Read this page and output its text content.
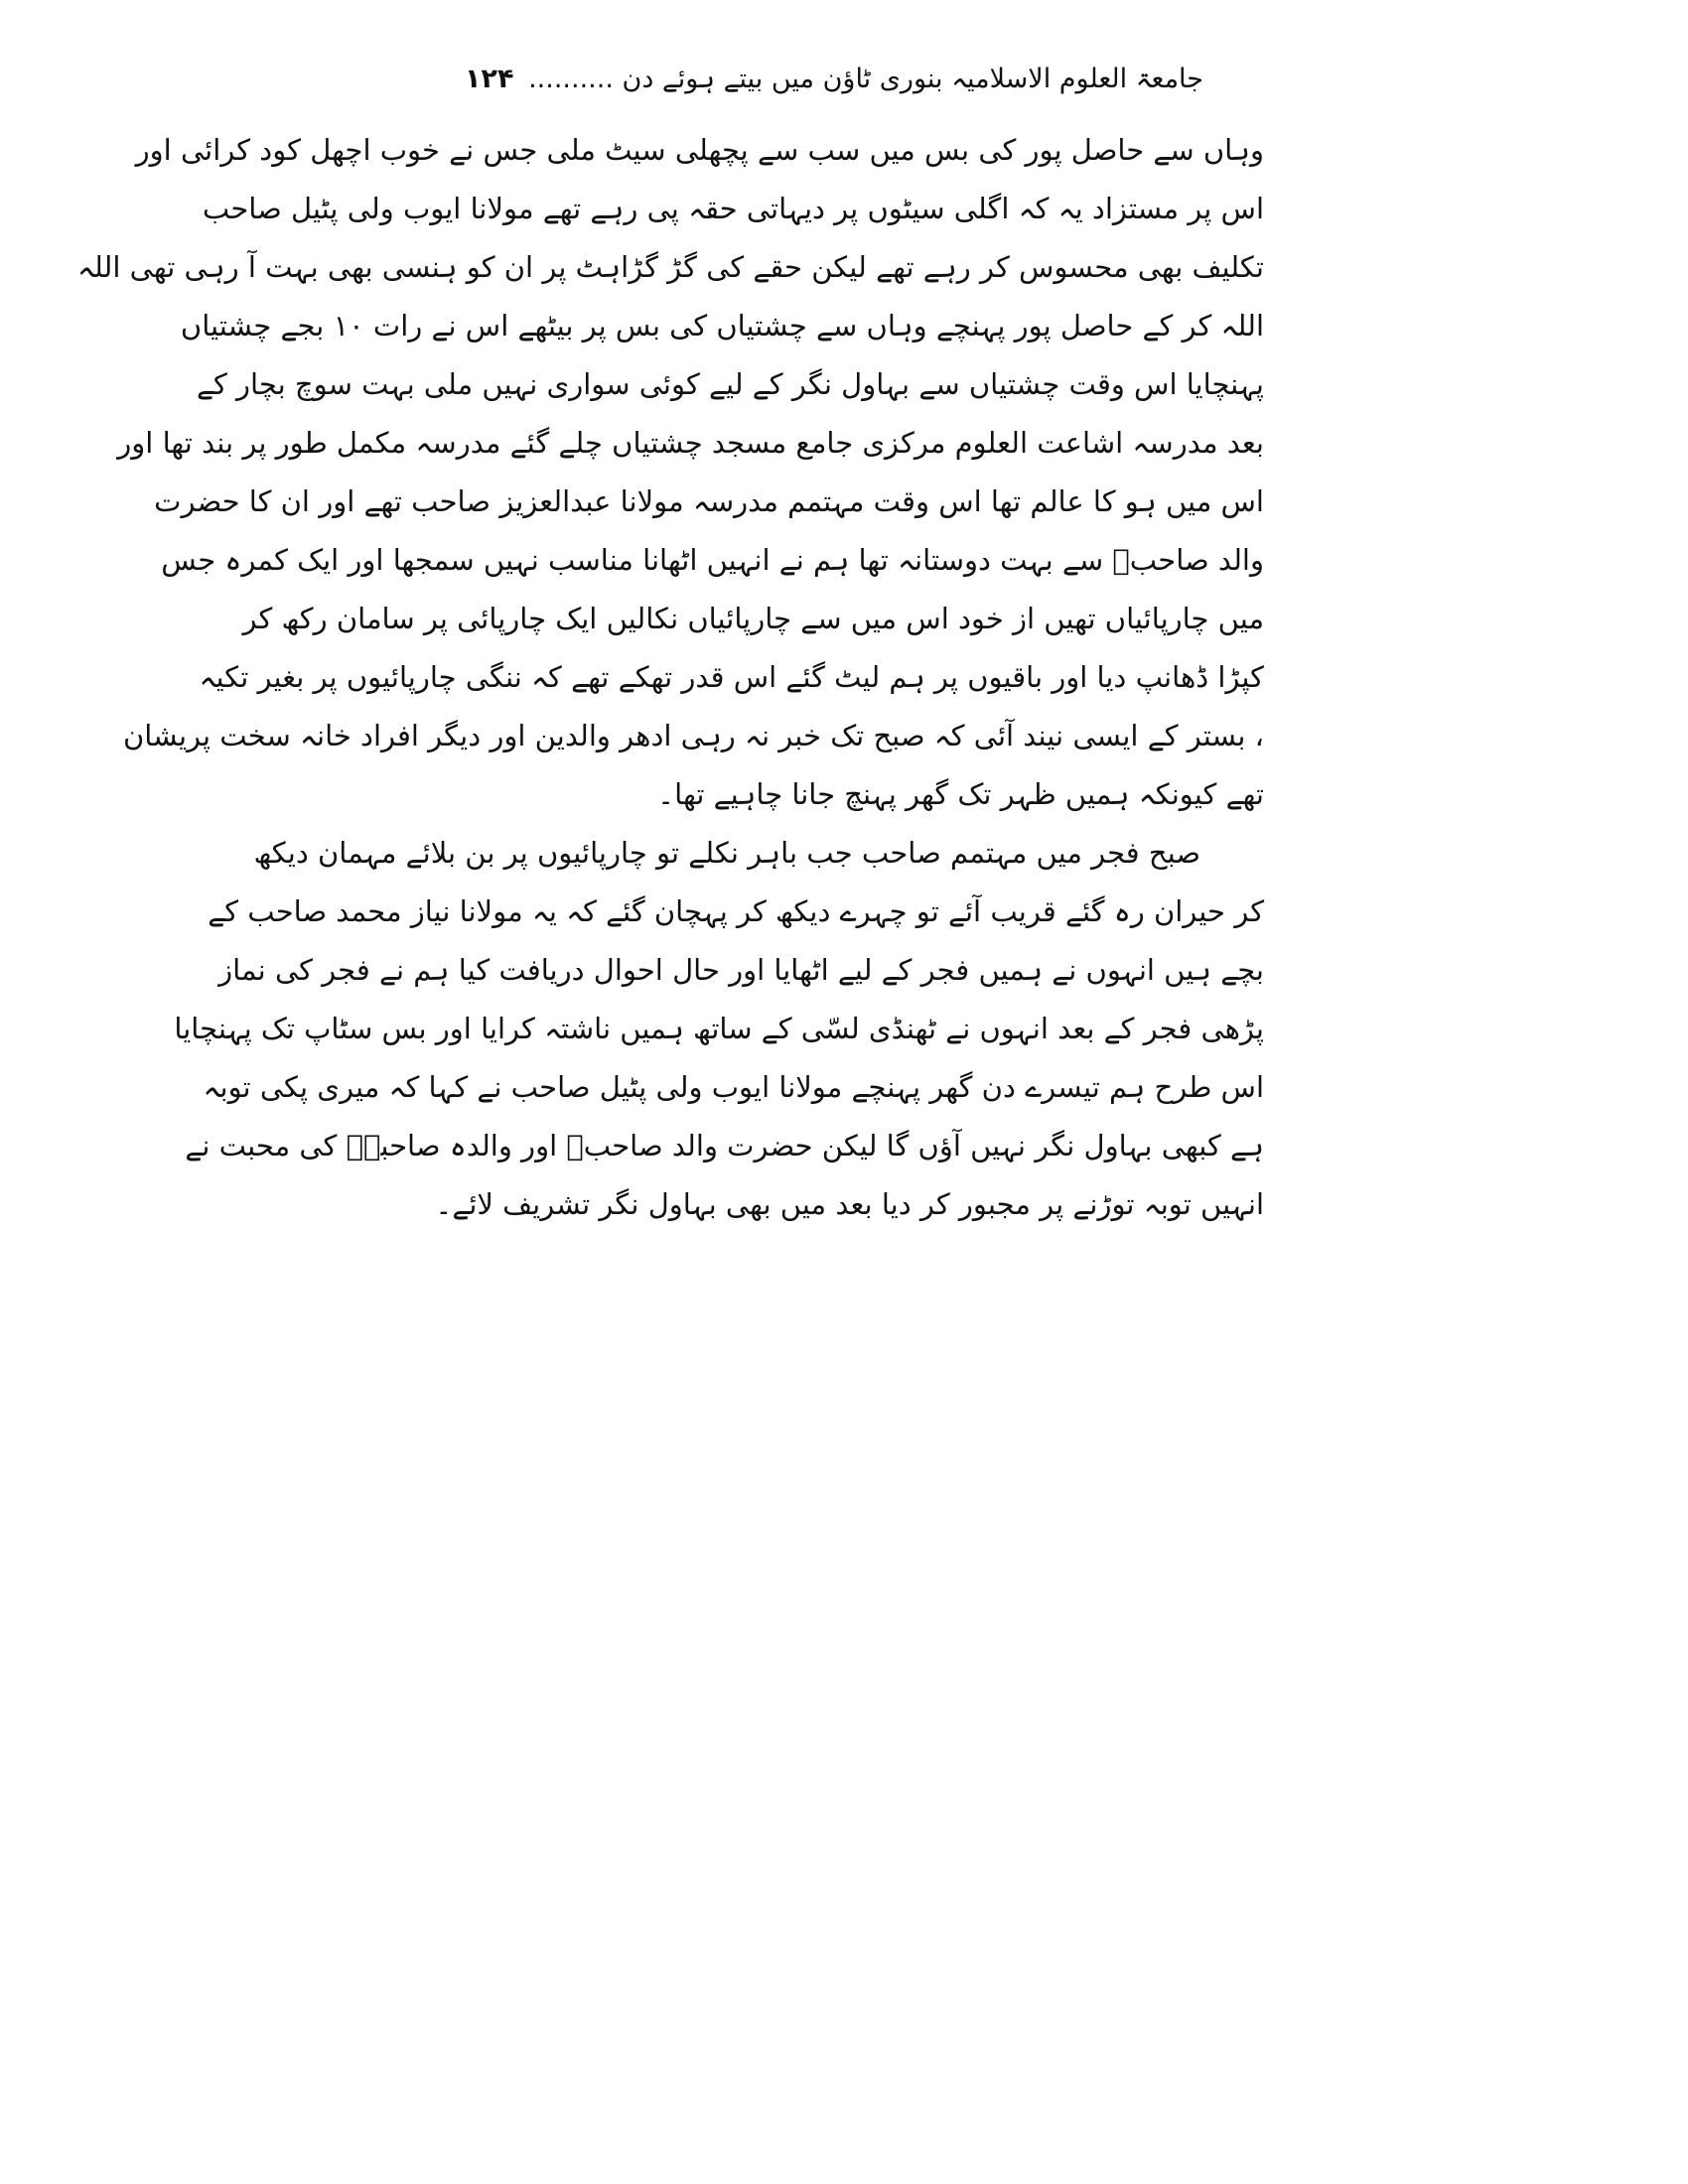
جامعۃ العلوم الاسلامیہ بنوری ٹاؤن میں بیتے ہوئے دن .......... ۱۲۴
وہاں سے حاصل پور کی بس میں سب سے پچھلی سیٹ ملی جس نے خوب اچھل کود کرائی اور
اس پر مستزاد یہ کہ اگلی سیٹوں پر دیہاتی حقہ پی رہے تھے مولانا ایوب ولی پٹیل صاحب
تکلیف بھی محسوس کر رہے تھے لیکن حقے کی گڑ گڑاہٹ پر ان کو ہنسی بھی بہت آ رہی تھی اللہ
اللہ کر کے حاصل پور پہنچے وہاں سے چشتیاں کی بس پر بیٹھے اس نے رات ۱۰ بجے چشتیاں
پہنچایا اس وقت چشتیاں سے بہاول نگر کے لیے کوئی سواری نہیں ملی بہت سوچ بچار کے
بعد مدرسہ اشاعت العلوم مرکزی جامع مسجد چشتیاں چلے گئے مدرسہ مکمل طور پر بند تھا اور
اس میں ہو کا عالم تھا اس وقت مہتمم مدرسہ مولانا عبدالعزیز صاحب تھے اور ان کا حضرت
والد صاحبؒ سے بہت دوستانہ تھا ہم نے انہیں اٹھانا مناسب نہیں سمجھا اور ایک کمرہ جس
میں چارپائیاں تھیں از خود اس میں سے چارپائیاں نکالیں ایک چارپائی پر سامان رکھ کر
کپڑا ڈھانپ دیا اور باقیوں پر ہم لیٹ گئے اس قدر تھکے تھے کہ ننگی چارپائیوں پر بغیر تکیہ
، بستر کے ایسی نیند آئی کہ صبح تک خبر نہ رہی ادھر والدین اور دیگر افراد خانہ سخت پریشان
تھے کیونکہ ہمیں ظہر تک گھر پہنچ جانا چاہیے تھا۔
صبح فجر میں مہتمم صاحب جب باہر نکلے تو چارپائیوں پر بن بلائے مہمان دیکھ
کر حیران رہ گئے قریب آئے تو چہرے دیکھ کر پہچان گئے کہ یہ مولانا نیاز محمد صاحب کے
بچے ہیں انہوں نے ہمیں فجر کے لیے اٹھایا اور حال احوال دریافت کیا ہم نے فجر کی نماز
پڑھی فجر کے بعد انہوں نے ٹھنڈی لسّی کے ساتھ ہمیں ناشتہ کرایا اور بس سٹاپ تک پہنچایا
اس طرح ہم تیسرے دن گھر پہنچے مولانا ایوب ولی پٹیل صاحب نے کہا کہ میری پکی توبہ
ہے کبھی بہاول نگر نہیں آؤں گا لیکن حضرت والد صاحبؒ اور والدہ صاحبہؒ کی محبت نے
انہیں توبہ توڑنے پر مجبور کر دیا بعد میں بھی بہاول نگر تشریف لائے۔
